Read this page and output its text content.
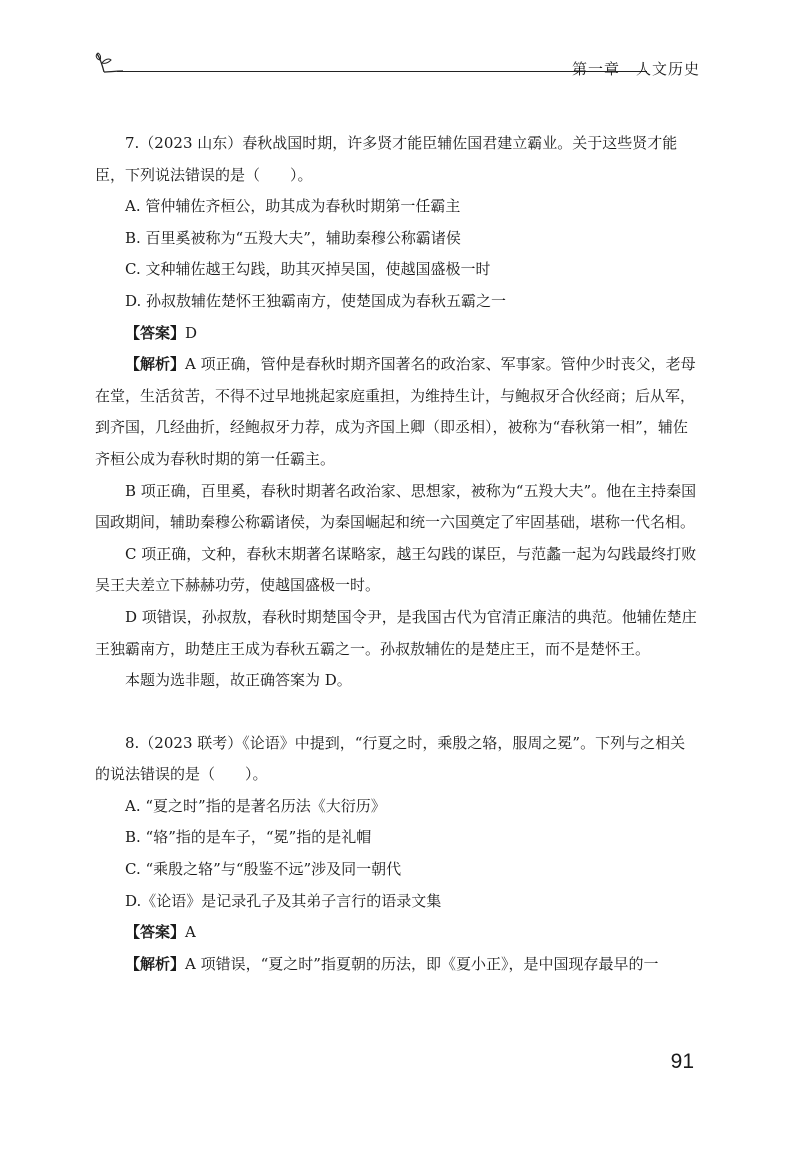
第一章 人文历史

7.（2023 山东）春秋战国时期，许多贤才能臣辅佐国君建立霸业。关于这些贤才能臣，下列说法错误的是（　　）。

A. 管仲辅佐齐桓公，助其成为春秋时期第一任霸主

B. 百里奚被称为“五羖大夫”，辅助秦穆公称霸诸侯

C. 文种辅佐越王勾践，助其灭掉吴国，使越国盛极一时

D. 孙叔敖辅佐楚怀王独霸南方，使楚国成为春秋五霸之一

【答案】D

【解析】A 项正确，管仲是春秋时期齐国著名的政治家、军事家。管仲少时丧父，老母在堂，生活贫苦，不得不过早地挑起家庭重担，为维持生计，与鲍叔牙合伙经商；后从军，到齐国，几经曲折，经鲍叔牙力荐，成为齐国上卿（即丞相），被称为“春秋第一相”，辅佐齐桓公成为春秋时期的第一任霸主。

B 项正确，百里奚，春秋时期著名政治家、思想家，被称为“五羖大夫”。他在主持秦国国政期间，辅助秦穆公称霸诸侯，为秦国崛起和统一六国奠定了牢固基础，堪称一代名相。

C 项正确，文种，春秋末期著名谋略家，越王勾践的谋臣，与范蠡一起为勾践最终打败吴王夫差立下赫赫功劳，使越国盛极一时。

D 项错误，孙叔敖，春秋时期楚国令尹，是我国古代为官清正廉洁的典范。他辅佐楚庄王独霸南方，助楚庄王成为春秋五霸之一。孙叔敖辅佐的是楚庄王，而不是楚怀王。

本题为选非题，故正确答案为 D。

8.（2023 联考）《论语》中提到，“行夏之时，乘殷之辂，服周之冕”。下列与之相关的说法错误的是（　　）。

A. “夏之时”指的是著名历法《大衍历》

B. “辂”指的是车子，“冕”指的是礼帽

C. “乘殷之辂”与“殷鉴不远”涉及同一朝代

D.《论语》是记录孔子及其弟子言行的语录文集

【答案】A

【解析】A 项错误，“夏之时”指夏朝的历法，即《夏小正》，是中国现存最早的一

91
